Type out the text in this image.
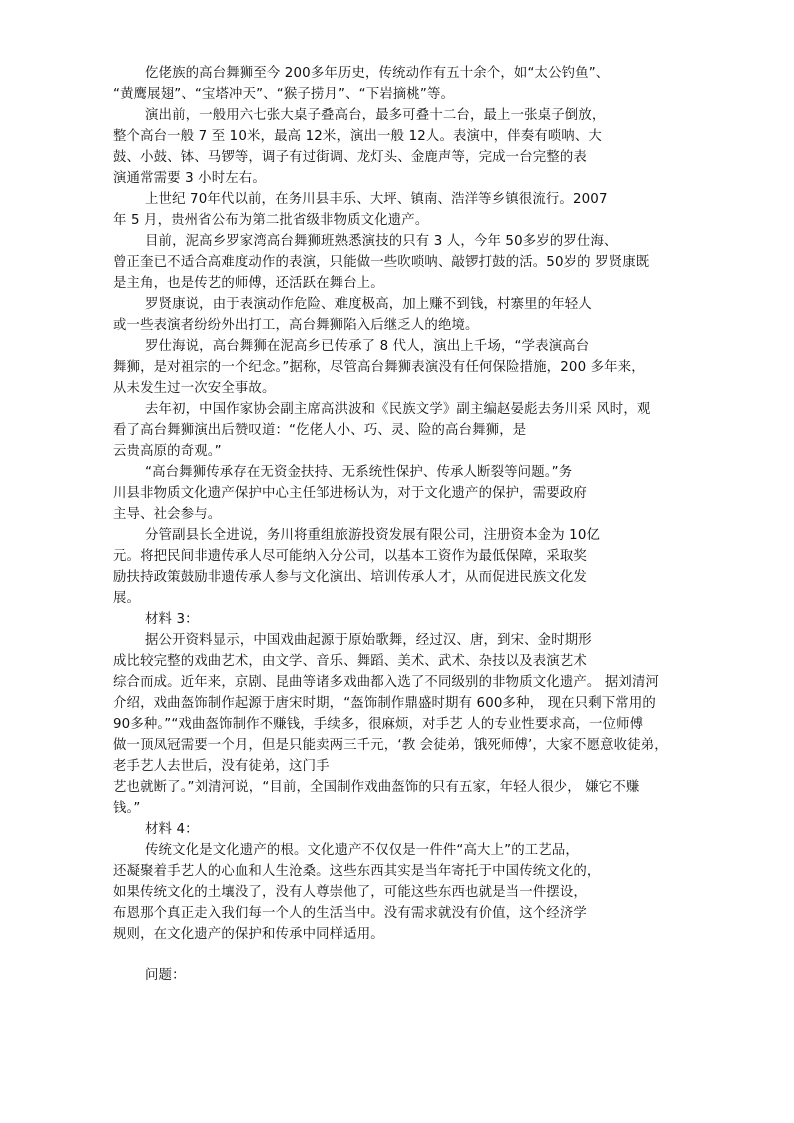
仡佬族的高台舞狮至今 200多年历史，传统动作有五十余个，如“太公钓鱼”、
“黄鹰展翅”、“宝塔冲天”、“猴子捞月”、“下岩摘桃”等。
演出前，一般用六七张大桌子叠高台，最多可叠十二台，最上一张桌子倒放，
整个高台一般 7 至 10米，最高 12米，演出一般 12人。表演中，伴奏有唢呐、大
鼓、小鼓、钵、马锣等，调子有过街调、龙灯头、金鹿声等，完成一台完整的表
演通常需要 3 小时左右。
上世纪 70年代以前，在务川县丰乐、大坪、镇南、浩洋等乡镇很流行。2007
年 5 月，贵州省公布为第二批省级非物质文化遗产。
目前，泥高乡罗家湾高台舞狮班熟悉演技的只有 3 人，今年 50多岁的罗仕海、
曾正奎已不适合高难度动作的表演，只能做一些吹唢呐、敲锣打鼓的活。50岁的 罗贤康既
是主角，也是传艺的师傅，还活跃在舞台上。
罗贤康说，由于表演动作危险、难度极高，加上赚不到钱，村寨里的年轻人
或一些表演者纷纷外出打工，高台舞狮陷入后继乏人的绝境。
罗仕海说，高台舞狮在泥高乡已传承了 8 代人，演出上千场，“学表演高台
舞狮，是对祖宗的一个纪念。”据称，尽管高台舞狮表演没有任何保险措施，200 多年来，
从未发生过一次安全事故。
去年初，中国作家协会副主席高洪波和《民族文学》副主编赵晏彪去务川采 风时，观
看了高台舞狮演出后赞叹道：“仡佬人小、巧、灵、险的高台舞狮，是
云贵高原的奇观。”
“高台舞狮传承存在无资金扶持、无系统性保护、传承人断裂等问题。”务
川县非物质文化遗产保护中心主任邹进杨认为，对于文化遗产的保护，需要政府
主导、社会参与。
分管副县长全进说，务川将重组旅游投资发展有限公司，注册资本金为 10亿
元。将把民间非遗传承人尽可能纳入分公司，以基本工资作为最低保障，采取奖
励扶持政策鼓励非遗传承人参与文化演出、培训传承人才，从而促进民族文化发
展。
材料 3：
据公开资料显示，中国戏曲起源于原始歌舞，经过汉、唐，到宋、金时期形
成比较完整的戏曲艺术，由文学、音乐、舞蹈、美术、武术、杂技以及表演艺术
综合而成。近年来，京剧、昆曲等诸多戏曲都入选了不同级别的非物质文化遗产。 据刘清河
介绍，戏曲盔饰制作起源于唐宋时期，“盔饰制作鼎盛时期有 600多种， 现在只剩下常用的
90多种。”“戏曲盔饰制作不赚钱，手续多，很麻烦，对手艺 人的专业性要求高，一位师傅
做一顶凤冠需要一个月，但是只能卖两三千元，‘教 会徒弟，饿死师傅’，大家不愿意收徒弟，
老手艺人去世后，没有徒弟，这门手
艺也就断了。”刘清河说，“目前，全国制作戏曲盔饰的只有五家，年轻人很少， 嫌它不赚
钱。”
材料 4：
传统文化是文化遗产的根。文化遗产不仅仅是一件件“高大上”的工艺品，
还凝聚着手艺人的心血和人生沧桑。这些东西其实是当年寄托于中国传统文化的，
如果传统文化的土壤没了，没有人尊崇他了，可能这些东西也就是当一件摆设，
布恩那个真正走入我们每一个人的生活当中。没有需求就没有价值，这个经济学
规则，在文化遗产的保护和传承中同样适用。
问题：
